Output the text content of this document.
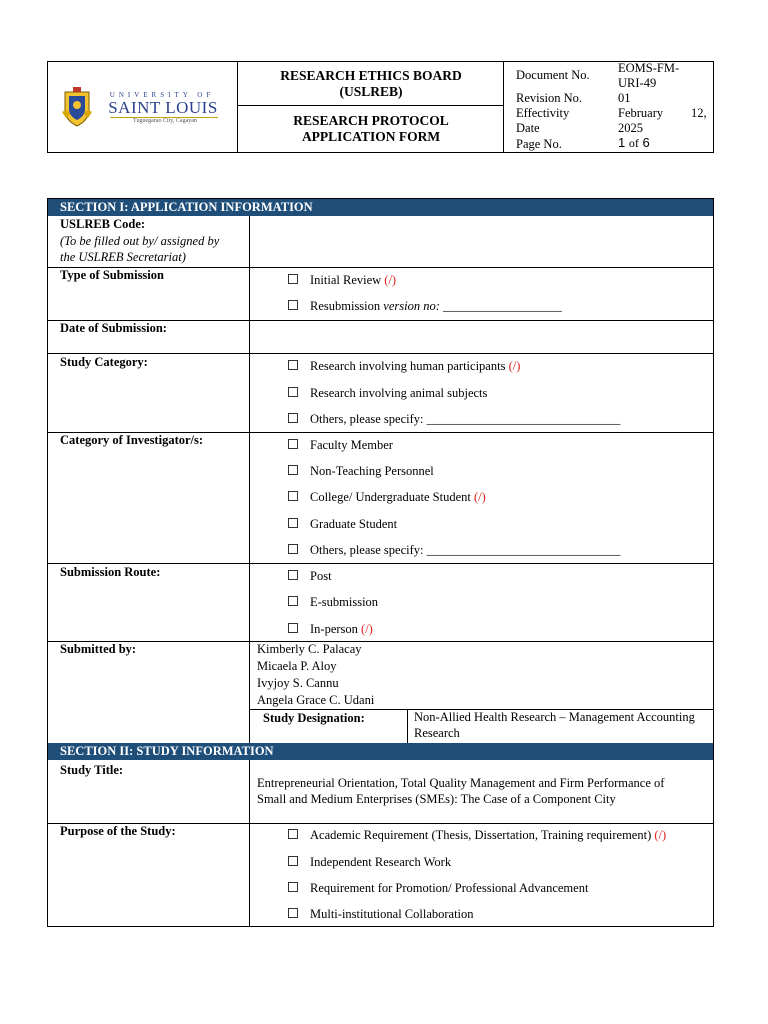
UNIVERSITY OF
SAINT LOUIS
Tuguegarao City, Cagayan
RESEARCH ETHICS BOARD
(USLREB)
RESEARCH PROTOCOL
APPLICATION FORM
Document No. EOMS-FM-
URI-49
Revision No.	01
Effectivity	February 12,
Date	2025
Page No.	1 of 6
SECTION I: APPLICATION INFORMATION
USLREB Code:
(To be filled out by/ assigned by
the USLREB Secretariat)
Type of Submission	Initial Review (/)
Resubmission version no: ___________________
Date of Submission:
Study Category:	Research involving human participants (/)
Research involving animal subjects
Others, please specify: _______________________________
Category of Investigator/s:	Faculty Member
Non-Teaching Personnel
College/ Undergraduate Student (/)
Graduate Student
Others, please specify: _______________________________
Submission Route:	Post
E-submission
In-person (/)
Submitted by:	Kimberly C. Palacay
Micaela P. Aloy
Ivyjoy S. Cannu
Angela Grace C. Udani
Study Designation:	Non-Allied Health Research – Management Accounting
Research
SECTION II: STUDY INFORMATION
Study Title:
Entrepreneurial Orientation, Total Quality Management and Firm Performance of
Small and Medium Enterprises (SMEs): The Case of a Component City
Purpose of the Study:	Academic Requirement (Thesis, Dissertation, Training requirement) (/)
Independent Research Work
Requirement for Promotion/ Professional Advancement
Multi-institutional Collaboration
